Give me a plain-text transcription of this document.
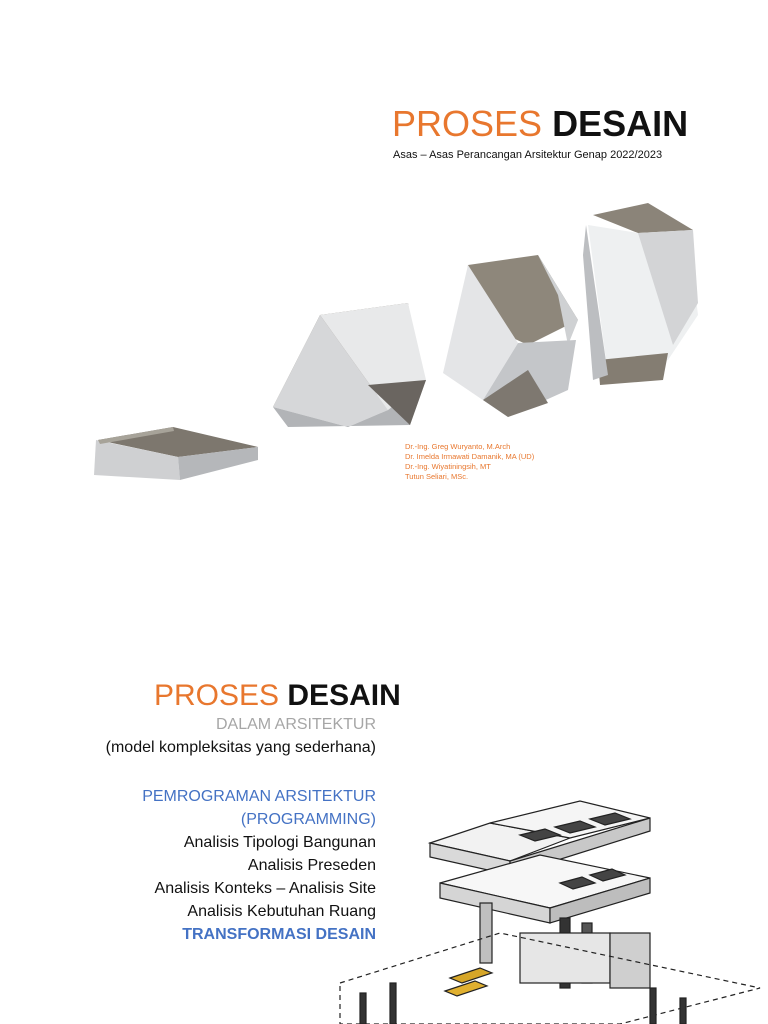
PROSES DESAIN
Asas – Asas Perancangan Arsitektur Genap 2022/2023
Dr.-Ing. Greg Wuryanto, M.Arch
Dr. Imelda Irmawati Damanik, MA (UD)
Dr.-Ing. Wiyatiningsih, MT
Tutun Seliari, MSc.
PROSES DESAIN
DALAM ARSITEKTUR
(model kompleksitas yang sederhana)
PEMROGRAMAN ARSITEKTUR
(PROGRAMMING)
Analisis Tipologi Bangunan
Analisis Preseden
Analisis Konteks – Analisis Site
Analisis Kebutuhan Ruang
TRANSFORMASI DESAIN
